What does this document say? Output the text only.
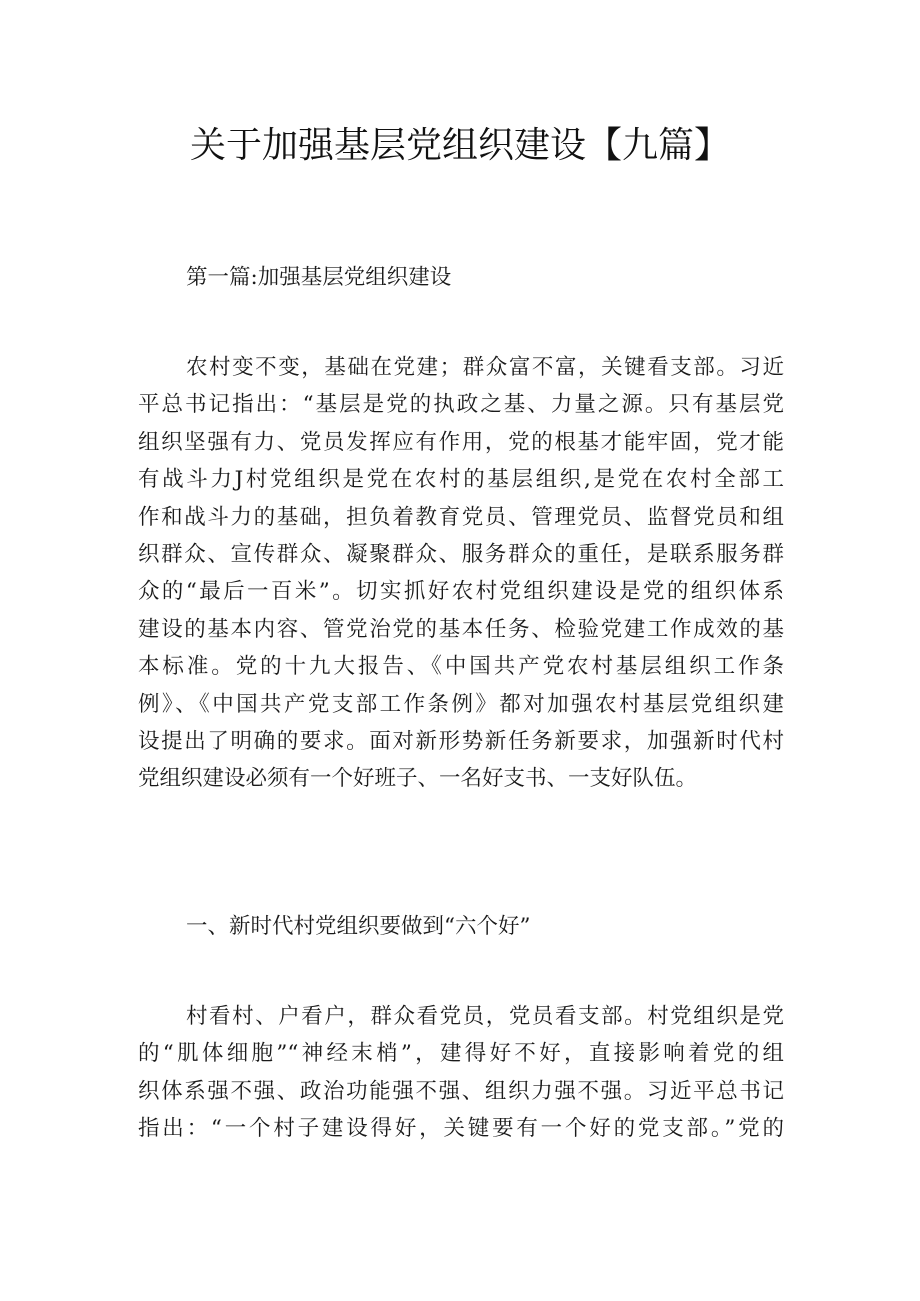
关于加强基层党组织建设【九篇】
第一篇:加强基层党组织建设
农村变不变，基础在党建；群众富不富，关键看支部。习近
平总书记指出：“基层是党的执政之基、力量之源。只有基层党
组织坚强有力、党员发挥应有作用，党的根基才能牢固，党才能
有战斗力J村党组织是党在农村的基层组织,是党在农村全部工
作和战斗力的基础，担负着教育党员、管理党员、监督党员和组
织群众、宣传群众、凝聚群众、服务群众的重任，是联系服务群
众的“最后一百米”。切实抓好农村党组织建设是党的组织体系
建设的基本内容、管党治党的基本任务、检验党建工作成效的基
本标准。党的十九大报告、《中国共产党农村基层组织工作条
例》、《中国共产党支部工作条例》都对加强农村基层党组织建
设提出了明确的要求。面对新形势新任务新要求，加强新时代村
党组织建设必须有一个好班子、一名好支书、一支好队伍。
一、新时代村党组织要做到“六个好”
村看村、户看户，群众看党员，党员看支部。村党组织是党
的“肌体细胞”“神经末梢”，建得好不好，直接影响着党的组
织体系强不强、政治功能强不强、组织力强不强。习近平总书记
指出：“一个村子建设得好，关键要有一个好的党支部。”党的
